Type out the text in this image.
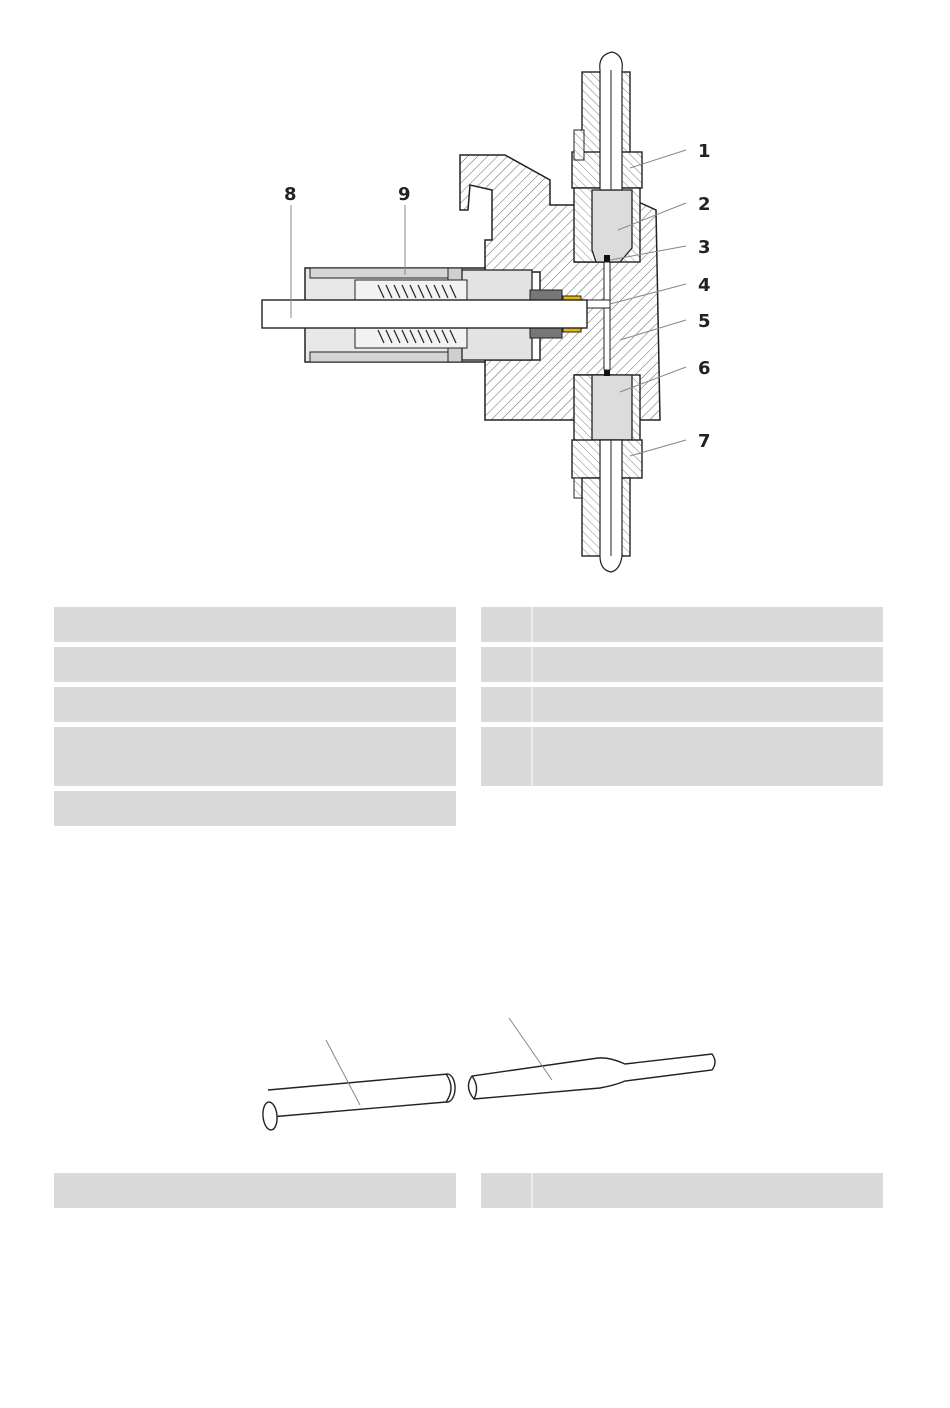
1
2
3
4
5
6
7
8	9
